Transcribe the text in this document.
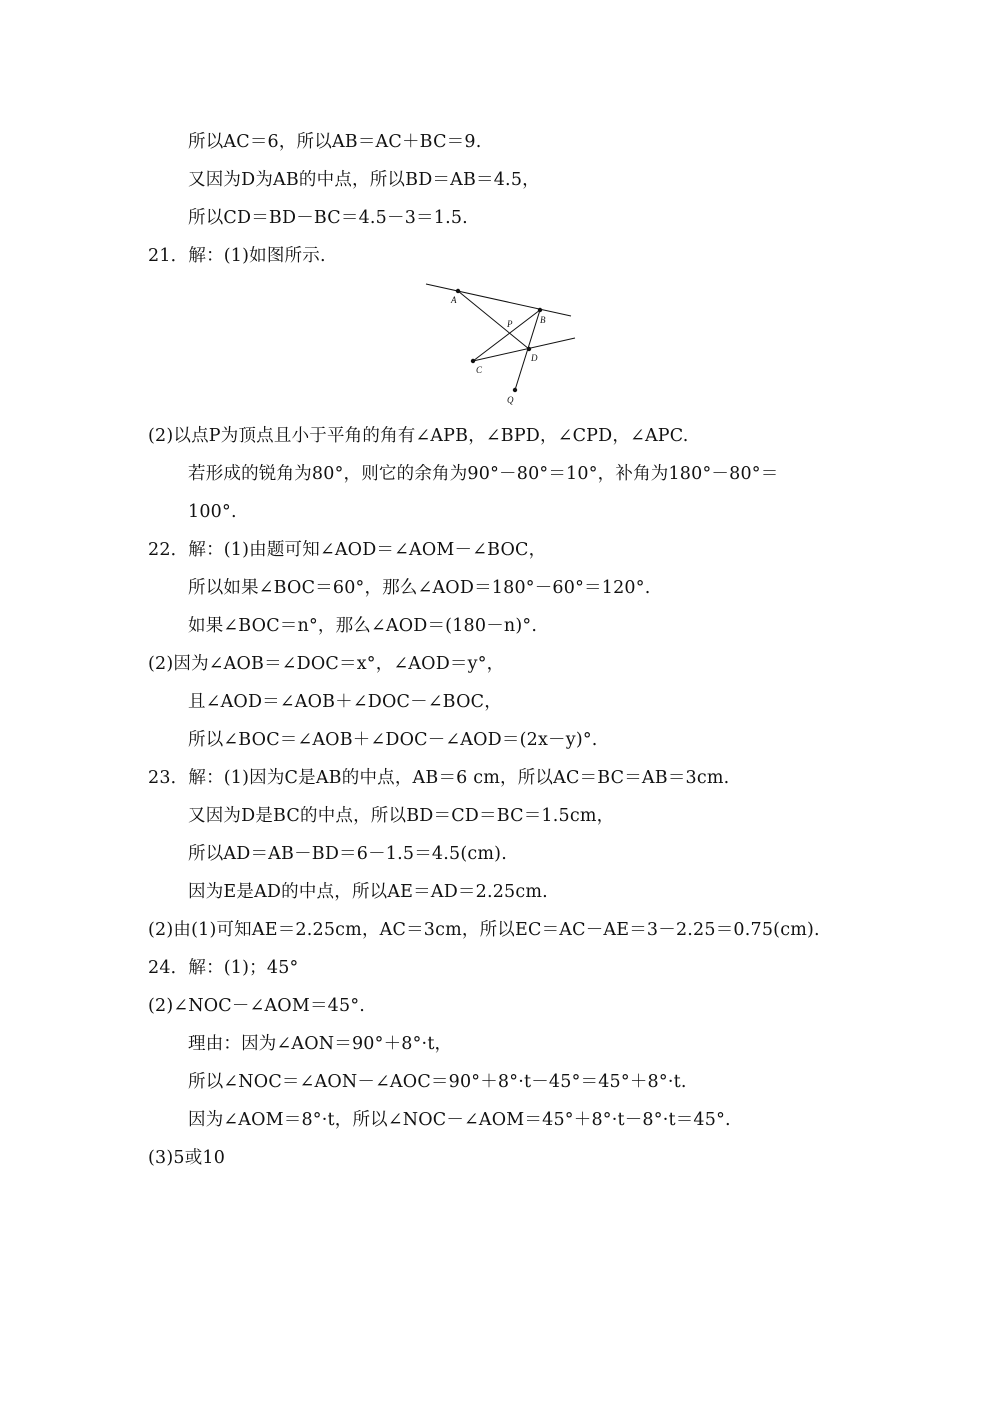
所以AC＝6，所以AB＝AC＋BC＝9.
又因为D为AB的中点，所以BD＝AB＝4.5，
所以CD＝BD－BC＝4.5－3＝1.5.
21．解：(1)如图所示.
A
B
P
D
C
Q
(2)以点P为顶点且小于平角的角有∠APB，∠BPD，∠CPD，∠APC.
若形成的锐角为80°，则它的余角为90°－80°＝10°，补角为180°－80°＝
100°.
22．解：(1)由题可知∠AOD＝∠AOM－∠BOC，
所以如果∠BOC＝60°，那么∠AOD＝180°－60°＝120°.
如果∠BOC＝n°，那么∠AOD＝(180－n)°.
(2)因为∠AOB＝∠DOC＝x°，∠AOD＝y°，
且∠AOD＝∠AOB＋∠DOC－∠BOC，
所以∠BOC＝∠AOB＋∠DOC－∠AOD＝(2x－y)°.
23．解：(1)因为C是AB的中点，AB＝6 cm，所以AC＝BC＝AB＝3cm.
又因为D是BC的中点，所以BD＝CD＝BC＝1.5cm，
所以AD＝AB－BD＝6－1.5＝4.5(cm).
因为E是AD的中点，所以AE＝AD＝2.25cm.
(2)由(1)可知AE＝2.25cm，AC＝3cm，所以EC＝AC－AE＝3－2.25＝0.75(cm).
24．解：(1)；45°
(2)∠NOC－∠AOM＝45°.
理由：因为∠AON＝90°＋8°·t，
所以∠NOC＝∠AON－∠AOC＝90°＋8°·t－45°＝45°＋8°·t.
因为∠AOM＝8°·t，所以∠NOC－∠AOM＝45°＋8°·t－8°·t＝45°.
(3)5或10
